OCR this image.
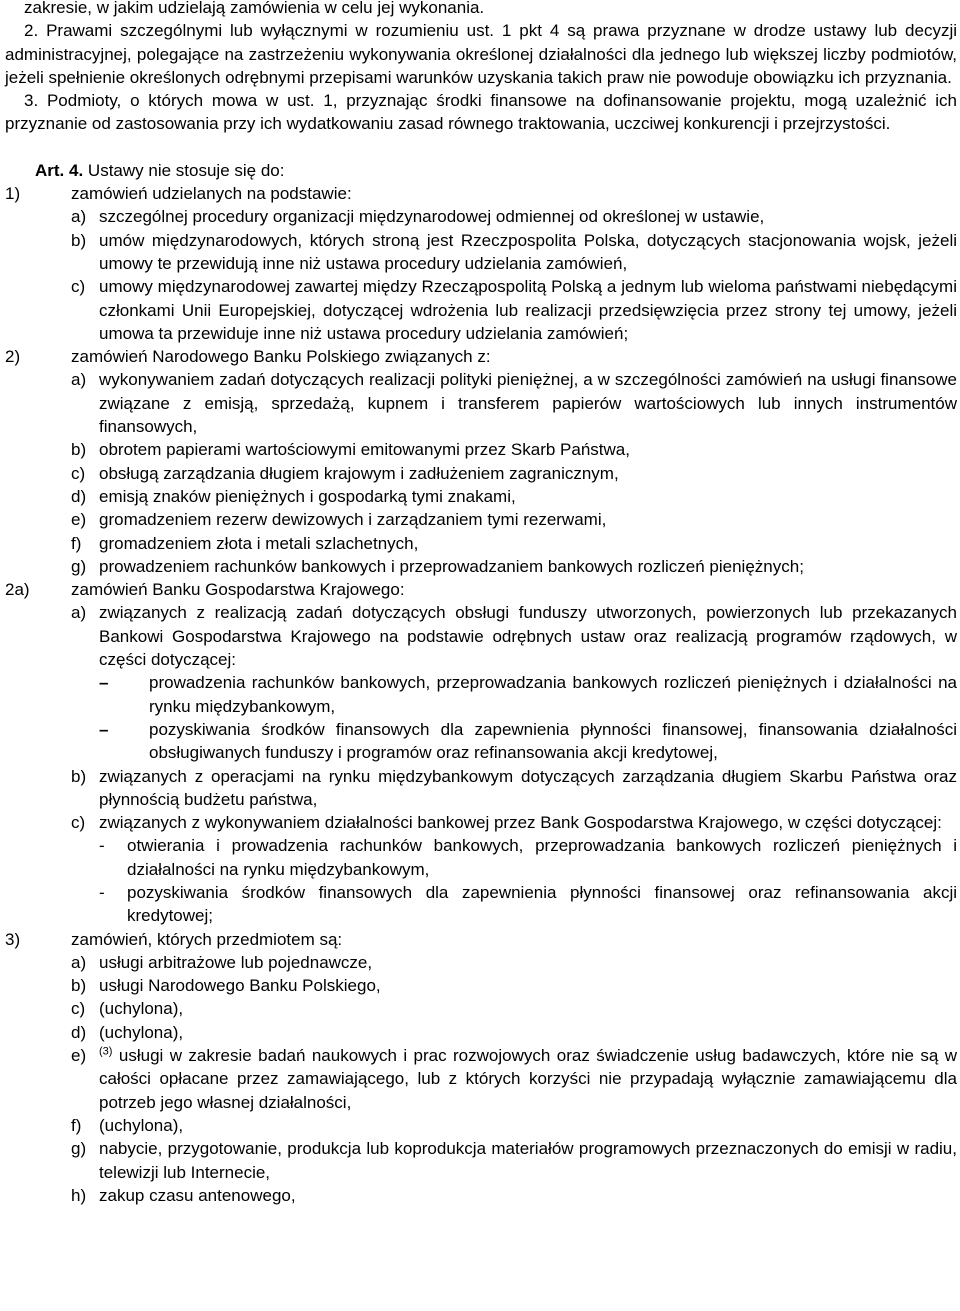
zakresie, w jakim udzielają zamówienia w celu jej wykonania.

2. Prawami szczególnymi lub wyłącznymi w rozumieniu ust. 1 pkt 4 są prawa przyznane w drodze ustawy lub decyzji administracyjnej, polegające na zastrzeżeniu wykonywania określonej działalności dla jednego lub większej liczby podmiotów, jeżeli spełnienie określonych odrębnymi przepisami warunków uzyskania takich praw nie powoduje obowiązku ich przyznania.

3. Podmioty, o których mowa w ust. 1, przyznając środki finansowe na dofinansowanie projektu, mogą uzależnić ich przyznanie od zastosowania przy ich wydatkowaniu zasad równego traktowania, uczciwej konkurencji i przejrzystości.

Art. 4. Ustawy nie stosuje się do:

1)	zamówień udzielanych na podstawie:
a) szczególnej procedury organizacji międzynarodowej odmiennej od określonej w ustawie,
b) umów międzynarodowych, których stroną jest Rzeczpospolita Polska, dotyczących stacjonowania wojsk, jeżeli umowy te przewidują inne niż ustawa procedury udzielania zamówień,
c) umowy międzynarodowej zawartej między Rzecząpospolitą Polską a jednym lub wieloma państwami niebędącymi członkami Unii Europejskiej, dotyczącej wdrożenia lub realizacji przedsięwzięcia przez strony tej umowy, jeżeli umowa ta przewiduje inne niż ustawa procedury udzielania zamówień;
2)	zamówień Narodowego Banku Polskiego związanych z:
a) wykonywaniem zadań dotyczących realizacji polityki pieniężnej, a w szczególności zamówień na usługi finansowe związane z emisją, sprzedażą, kupnem i transferem papierów wartościowych lub innych instrumentów finansowych,
b) obrotem papierami wartościowymi emitowanymi przez Skarb Państwa,
c) obsługą zarządzania długiem krajowym i zadłużeniem zagranicznym,
d) emisją znaków pieniężnych i gospodarką tymi znakami,
e) gromadzeniem rezerw dewizowych i zarządzaniem tymi rezerwami,
f)	gromadzeniem złota i metali szlachetnych,
g) prowadzeniem rachunków bankowych i przeprowadzaniem bankowych rozliczeń pieniężnych;
2a)	zamówień Banku Gospodarstwa Krajowego:
a) związanych z realizacją zadań dotyczących obsługi funduszy utworzonych, powierzonych lub przekazanych Bankowi Gospodarstwa Krajowego na podstawie odrębnych ustaw oraz realizacją programów rządowych, w części dotyczącej:
–	prowadzenia rachunków bankowych, przeprowadzania bankowych rozliczeń pieniężnych i działalności na rynku międzybankowym,
–	pozyskiwania środków finansowych dla zapewnienia płynności finansowej, finansowania działalności obsługiwanych funduszy i programów oraz refinansowania akcji kredytowej,
b) związanych z operacjami na rynku międzybankowym dotyczących zarządzania długiem Skarbu Państwa oraz płynnością budżetu państwa,
c) związanych z wykonywaniem działalności bankowej przez Bank Gospodarstwa Krajowego, w części dotyczącej:
-	otwierania i prowadzenia rachunków bankowych, przeprowadzania bankowych rozliczeń pieniężnych i działalności na rynku międzybankowym,
-	pozyskiwania środków finansowych dla zapewnienia płynności finansowej oraz refinansowania akcji kredytowej;
3)	zamówień, których przedmiotem są:
a) usługi arbitrażowe lub pojednawcze,
b) usługi Narodowego Banku Polskiego,
c) (uchylona),
d) (uchylona),
e)	$^{(3)}$ usługi w zakresie badań naukowych i prac rozwojowych oraz świadczenie usług badawczych, które nie są w całości opłacane przez zamawiającego, lub z których korzyści nie przypadają wyłącznie zamawiającemu dla potrzeb jego własnej działalności,
f)	(uchylona),
g) nabycie, przygotowanie, produkcja lub koprodukcja materiałów programowych przeznaczonych do emisji w radiu, telewizji lub Internecie,
h) zakup czasu antenowego,
